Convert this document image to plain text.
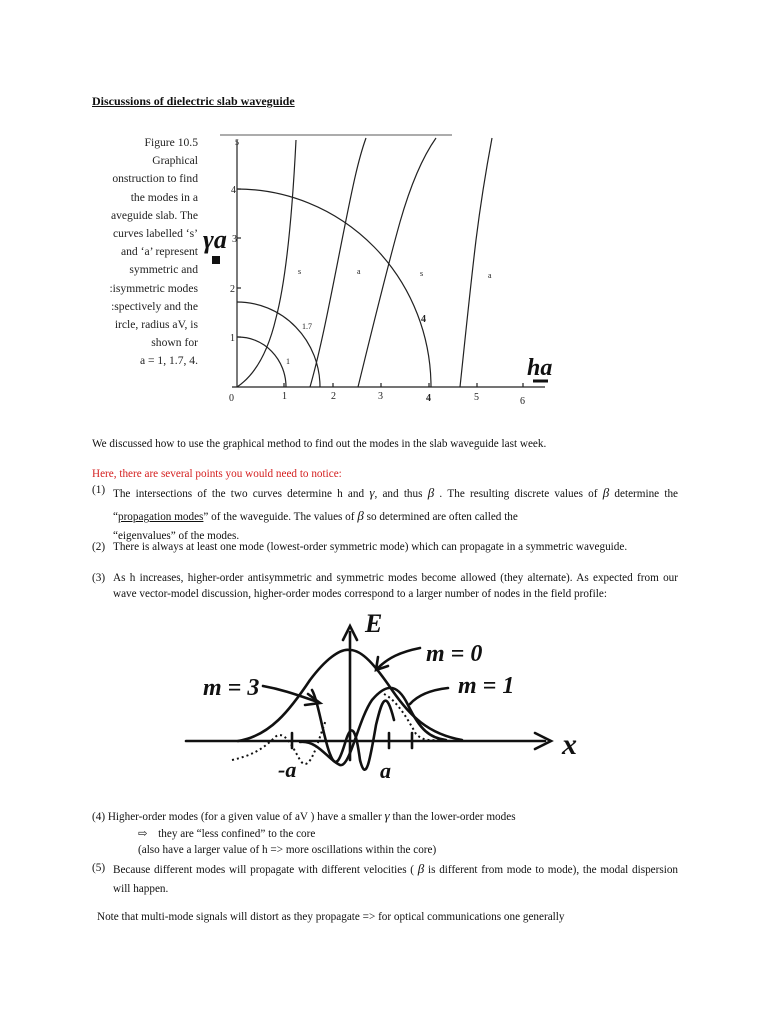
Discussions of dielectric slab waveguide
Figure 10.5
Graphical
onstruction to find
the modes in a
aveguide slab. The
curves labelled ‘s’
and ‘a’ represent
symmetric and
:isymmetric modes
:spectively and the
ircle, radius aV, is
shown for
a = 1, 1.7, 4.
0	1	2	3	4	5	6
1
2
3
4
5
s	a	s	a
1
1.7
4
γa
ha
We discussed how to use the graphical method to find out the modes in the slab waveguide last week.
Here, there are several points you would need to notice:
(1) The intersections of the two curves determine h and γ, and thus β . The resulting discrete values of β determine the “propagation modes” of the waveguide. The values of β so determined are often called the
“eigenvalues” of the modes.
(2) There is always at least one mode (lowest-order symmetric mode) which can propagate in a symmetric waveguide.
(3) As h increases, higher-order antisymmetric and symmetric modes become allowed (they alternate). As expected from our wave vector-model discussion, higher-order modes correspond to a larger number of nodes in the field profile:
E
x
m = 0
m = 1
m = 3
-a	a
(4) Higher-order modes (for a given value of aV ) have a smaller γ than the lower-order modes
⇨ they are “less confined” to the core
(also have a larger value of h => more oscillations within the core)
(5) Because different modes will propagate with different velocities ( β is different from mode to mode), the modal dispersion will happen.
Note that multi-mode signals will distort as they propagate => for optical communications one generally
